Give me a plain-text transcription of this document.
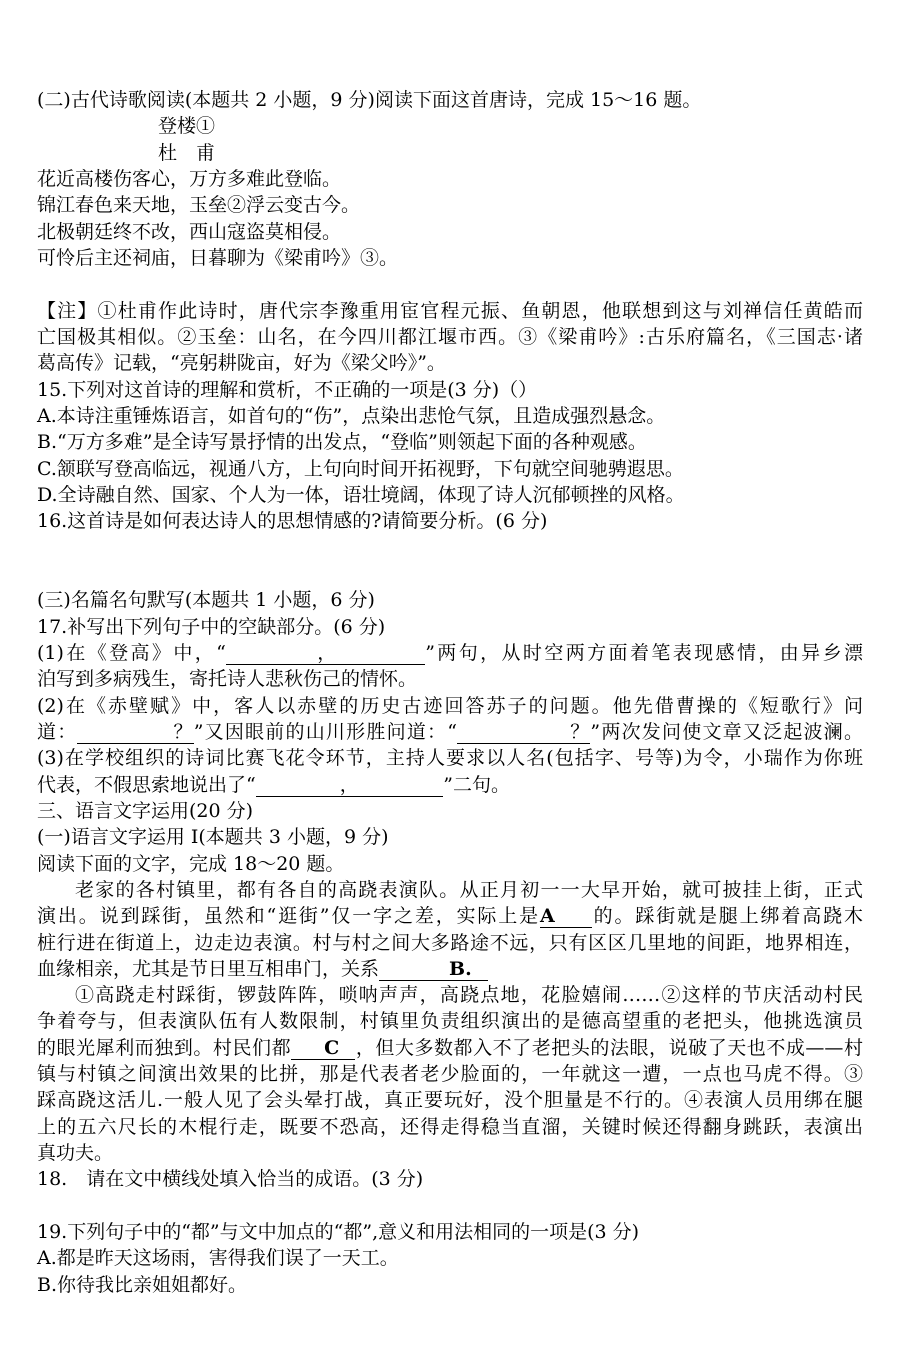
(二)古代诗歌阅读(本题共 2 小题，9 分)阅读下面这首唐诗，完成 15～16 题。
登楼①
杜　甫
花近高楼伤客心，万方多难此登临。
锦江春色来天地，玉垒②浮云变古今。
北极朝廷终不改，西山寇盗莫相侵。
可怜后主还祠庙，日暮聊为《梁甫吟》③。
【注】①杜甫作此诗时，唐代宗李豫重用宦官程元振、鱼朝恩，他联想到这与刘禅信任黄皓而
亡国极其相似。②玉垒：山名，在今四川都江堰市西。③《梁甫吟》:古乐府篇名，《三国志·诸
葛高传》记载，“亮躬耕陇亩，好为《梁父吟》”。
15.下列对这首诗的理解和赏析，不正确的一项是(3 分)（）
A.本诗注重锤炼语言，如首句的“伤”，点染出悲怆气氛，且造成强烈悬念。
B.“万方多难”是全诗写景抒情的出发点，“登临”则领起下面的各种观感。
C.颔联写登高临远，视通八方，上句向时间开拓视野，下句就空间驰骋遐思。
D.全诗融自然、国家、个人为一体，语壮境阔，体现了诗人沉郁顿挫的风格。
16.这首诗是如何表达诗人的思想情感的?请简要分析。(6 分)
(三)名篇名句默写(本题共 1 小题，6 分)
17.补写出下列句子中的空缺部分。(6 分)
(1)在《登高》中，“	，	”两句，从时空两方面着笔表现感情，由异乡漂
泊写到多病残生，寄托诗人悲秋伤己的情怀。
(2)在《赤壁赋》中，客人以赤壁的历史古迹回答苏子的问题。他先借曹操的《短歌行》问
道：	？”又因眼前的山川形胜问道：“	？”两次发问使文章又泛起波澜。
(3)在学校组织的诗词比赛飞花令环节，主持人要求以人名(包括字、号等)为令，小瑞作为你班
代表，不假思索地说出了“	，	”二句。
三、语言文字运用(20 分)
(一)语言文字运用 I(本题共 3 小题，9 分)
阅读下面的文字，完成 18～20 题。
老家的各村镇里，都有各自的高跷表演队。从正月初一一大早开始，就可披挂上街，正式
演出。说到踩街，虽然和“逛街”仅一字之差，实际上是A 的。踩街就是腿上绑着高跷木
桩行进在街道上，边走边表演。村与村之间大多路途不远，只有区区几里地的间距，地界相连，
血缘相亲，尤其是节日里互相串门，关系	B.
①高跷走村踩街，锣鼓阵阵，唢呐声声，高跷点地，花脸嬉闹……②这样的节庆活动村民
争着夸与，但表演队伍有人数限制，村镇里负责组织演出的是德高望重的老把头，他挑选演员
的眼光犀利而独到。村民们都 C ，但大多数都入不了老把头的法眼，说破了天也不成——村
镇与村镇之间演出效果的比拼，那是代表者老少脸面的，一年就这一遭，一点也马虎不得。③
踩高跷这活儿.一般人见了会头晕打战，真正要玩好，没个胆量是不行的。④表演人员用绑在腿
上的五六尺长的木棍行走，既要不恐高，还得走得稳当直溜，关键时候还得翻身跳跃，表演出
真功夫。
18.　请在文中横线处填入恰当的成语。(3 分)
19.下列句子中的“都”与文中加点的“都”,意义和用法相同的一项是(3 分)
A.都是昨天这场雨，害得我们误了一天工。
B.你待我比亲姐姐都好。
